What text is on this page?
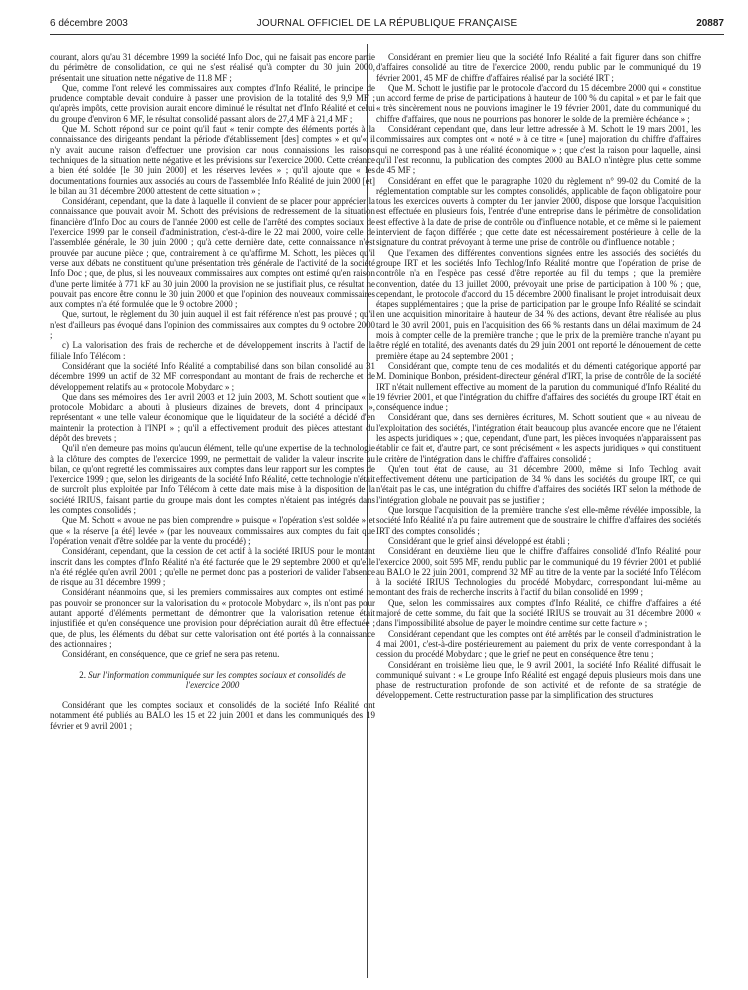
6 décembre 2003	JOURNAL OFFICIEL DE LA RÉPUBLIQUE FRANÇAISE	20887

courant, alors qu'au 31 décembre 1999 la société Info Doc, qui ne faisait pas encore partie du périmètre de consolidation, ce qui ne s'est réalisé qu'à compter du 30 juin 2000, présentait une situation nette négative de 11.8 MF ;

Que, comme l'ont relevé les commissaires aux comptes d'Info Réalité, le principe de prudence comptable devait conduire à passer une provision de la totalité des 9,9 MF ; qu'après impôts, cette provision aurait encore diminué le résultat net d'Info Réalité et celui du groupe d'environ 6 MF, le résultat consolidé passant alors de 27,4 MF à 21,4 MF ;

Que M. Schott répond sur ce point qu'il faut « tenir compte des éléments portés à la connaissance des dirigeants pendant la période d'établissement [des] comptes » et qu'« il n'y avait aucune raison d'effectuer une provision car nous connaissions les raisons techniques de la situation nette négative et les prévisions sur l'exercice 2000. Cette créance a bien été soldée [le 30 juin 2000] et les réserves levées » ; qu'il ajoute que « les documentations fournies aux associés au cours de l'assemblée Info Réalité de juin 2000 [et] le bilan au 31 décembre 2000 attestent de cette situation » ;

Considérant, cependant, que la date à laquelle il convient de se placer pour apprécier la connaissance que pouvait avoir M. Schott des prévisions de redressement de la situation financière d'Info Doc au cours de l'année 2000 est celle de l'arrêté des comptes sociaux de l'exercice 1999 par le conseil d'administration, c'est-à-dire le 22 mai 2000, voire celle de l'assemblée générale, le 30 juin 2000 ; qu'à cette dernière date, cette connaissance n'est prouvée par aucune pièce ; que, contrairement à ce qu'affirme M. Schott, les pièces qu'il verse aux débats ne constituent qu'une présentation très générale de l'activité de la société Info Doc ; que, de plus, si les nouveaux commissaires aux comptes ont estimé qu'en raison d'une perte limitée à 771 kF au 30 juin 2000 la provision ne se justifiait plus, ce résultat ne pouvait pas encore être connu le 30 juin 2000 et que l'opinion des nouveaux commissaires aux comptes n'a été formulée que le 9 octobre 2000 ;

Que, surtout, le règlement du 30 juin auquel il est fait référence n'est pas prouvé ; qu'il n'est d'ailleurs pas évoqué dans l'opinion des commissaires aux comptes du 9 octobre 2000 ;

c) La valorisation des frais de recherche et de développement inscrits à l'actif de la filiale Info Télécom :

Considérant que la société Info Réalité a comptabilisé dans son bilan consolidé au 31 décembre 1999 un actif de 32 MF correspondant au montant de frais de recherche et de développement relatifs au « protocole Mobydarc » ;

Que dans ses mémoires des 1er avril 2003 et 12 juin 2003, M. Schott soutient que « le protocole Mobidarc a abouti à plusieurs dizaines de brevets, dont 4 principaux », représentant « une telle valeur économique que le liquidateur de la société a décidé d'en maintenir la protection à l'INPI » ; qu'il a effectivement produit des pièces attestant du dépôt des brevets ;

Qu'il n'en demeure pas moins qu'aucun élément, telle qu'une expertise de la technologie à la clôture des comptes de l'exercice 1999, ne permettait de valider la valeur inscrite au bilan, ce qu'ont regretté les commissaires aux comptes dans leur rapport sur les comptes de l'exercice 1999 ; que, selon les dirigeants de la société Info Réalité, cette technologie n'était de surcroît plus exploitée par Info Télécom à cette date mais mise à la disposition de la société IRIUS, faisant partie du groupe mais dont les comptes n'étaient pas intégrés dans les comptes consolidés ;

Que M. Schott « avoue ne pas bien comprendre » puisque « l'opération s'est soldée » et que « la réserve [a été] levée » (par les nouveaux commissaires aux comptes du fait que l'opération venait d'être soldée par la vente du procédé) ;

Considérant, cependant, que la cession de cet actif à la société IRIUS pour le montant inscrit dans les comptes d'Info Réalité n'a été facturée que le 29 septembre 2000 et qu'elle n'a été réglée qu'en avril 2001 ; qu'elle ne permet donc pas a posteriori de valider l'absence de risque au 31 décembre 1999 ;

Considérant néanmoins que, si les premiers commissaires aux comptes ont estimé ne pas pouvoir se prononcer sur la valorisation du « protocole Mobydarc », ils n'ont pas pour autant apporté d'éléments permettant de démontrer que la valorisation retenue était injustifiée et qu'en conséquence une provision pour dépréciation aurait dû être effectuée ; que, de plus, les éléments du débat sur cette valorisation ont été portés à la connaissance des actionnaires ;

Considérant, en conséquence, que ce grief ne sera pas retenu.

2. Sur l'information communiquée sur les comptes sociaux et consolidés de l'exercice 2000

Considérant que les comptes sociaux et consolidés de la société Info Réalité ont notamment été publiés au BALO les 15 et 22 juin 2001 et dans les communiqués des 19 février et 9 avril 2001 ;

Considérant en premier lieu que la société Info Réalité a fait figurer dans son chiffre d'affaires consolidé au titre de l'exercice 2000, rendu public par le communiqué du 19 février 2001, 45 MF de chiffre d'affaires réalisé par la société IRT ;

Que M. Schott le justifie par le protocole d'accord du 15 décembre 2000 qui « constitue un accord ferme de prise de participations à hauteur de 100 % du capital » et par le fait que « très sincèrement nous ne pouvions imaginer le 19 février 2001, date du communiqué du chiffre d'affaires, que nous ne pourrions pas honorer le solde de la première échéance » ;

Considérant cependant que, dans leur lettre adressée à M. Schott le 19 mars 2001, les commissaires aux comptes ont « noté » à ce titre « [une] majoration du chiffre d'affaires qui ne correspond pas à une réalité économique » ; que c'est la raison pour laquelle, ainsi qu'il l'est reconnu, la publication des comptes 2000 au BALO n'intègre plus cette somme de 45 MF ;

Considérant en effet que le paragraphe 1020 du règlement n° 99-02 du Comité de la réglementation comptable sur les comptes consolidés, applicable de façon obligatoire pour tous les exercices ouverts à compter du 1er janvier 2000, dispose que lorsque l'acquisition est effectuée en plusieurs fois, l'entrée d'une entreprise dans le périmètre de consolidation est effective à la date de prise de contrôle ou d'influence notable, et ce même si le paiement intervient de façon différée ; que cette date est nécessairement postérieure à celle de la signature du contrat prévoyant à terme une prise de contrôle ou d'influence notable ;

Que l'examen des différentes conventions signées entre les associés des sociétés du groupe IRT et les sociétés Info Techlog/Info Réalité montre que l'opération de prise de contrôle n'a en l'espèce pas cessé d'être reportée au fil du temps ; que la première convention, datée du 13 juillet 2000, prévoyait une prise de participation à 100 % ; que, cependant, le protocole d'accord du 15 décembre 2000 finalisant le projet introduisait deux étapes supplémentaires ; que la prise de participation par le groupe Info Réalité se scindait en une acquisition minoritaire à hauteur de 34 % des actions, devant être réalisée au plus tard le 30 avril 2001, puis en l'acquisition des 66 % restants dans un délai maximum de 24 mois à compter celle de la première tranche ; que le prix de la première tranche n'ayant pu être réglé en totalité, des avenants datés du 29 juin 2001 ont reporté le dénouement de cette première étape au 24 septembre 2001 ;

Considérant que, compte tenu de ces modalités et du démenti catégorique apporté par M. Dominique Bonbon, président-directeur général d'IRT, la prise de contrôle de la société IRT n'était nullement effective au moment de la parution du communiqué d'Info Réalité du 19 février 2001, et que l'intégration du chiffre d'affaires des sociétés du groupe IRT était en conséquence indue ;

Considérant que, dans ses dernières écritures, M. Schott soutient que « au niveau de l'exploitation des sociétés, l'intégration était beaucoup plus avancée encore que ne l'étaient les aspects juridiques » ; que, cependant, d'une part, les pièces invoquées n'apparaissent pas établir ce fait et, d'autre part, ce sont précisément « les aspects juridiques » qui constituent le critère de l'intégration dans le chiffre d'affaires consolidé ;

Qu'en tout état de cause, au 31 décembre 2000, même si Info Techlog avait effectivement détenu une participation de 34 % dans les sociétés du groupe IRT, ce qui n'était pas le cas, une intégration du chiffre d'affaires des sociétés IRT selon la méthode de l'intégration globale ne pouvait pas se justifier ;

Que lorsque l'acquisition de la première tranche s'est elle-même révélée impossible, la société Info Réalité n'a pu faire autrement que de soustraire le chiffre d'affaires des sociétés IRT des comptes consolidés ;

Considérant que le grief ainsi développé est établi ;

Considérant en deuxième lieu que le chiffre d'affaires consolidé d'Info Réalité pour l'exercice 2000, soit 595 MF, rendu public par le communiqué du 19 février 2001 et publié au BALO le 22 juin 2001, comprend 32 MF au titre de la vente par la société Info Télécom à la société IRIUS Technologies du procédé Mobydarc, correspondant lui-même au montant des frais de recherche inscrits à l'actif du bilan consolidé en 1999 ;

Que, selon les commissaires aux comptes d'Info Réalité, ce chiffre d'affaires a été majoré de cette somme, du fait que la société IRIUS se trouvait au 31 décembre 2000 « dans l'impossibilité absolue de payer le moindre centime sur cette facture » ;

Considérant cependant que les comptes ont été arrêtés par le conseil d'administration le 4 mai 2001, c'est-à-dire postérieurement au paiement du prix de vente correspondant à la cession du procédé Mobydarc ; que le grief ne peut en conséquence être tenu ;

Considérant en troisième lieu que, le 9 avril 2001, la société Info Réalité diffusait le communiqué suivant : « Le groupe Info Réalité est engagé depuis plusieurs mois dans une phase de restructuration profonde de son activité et de refonte de sa stratégie de développement. Cette restructuration passe par la simplification des structures
